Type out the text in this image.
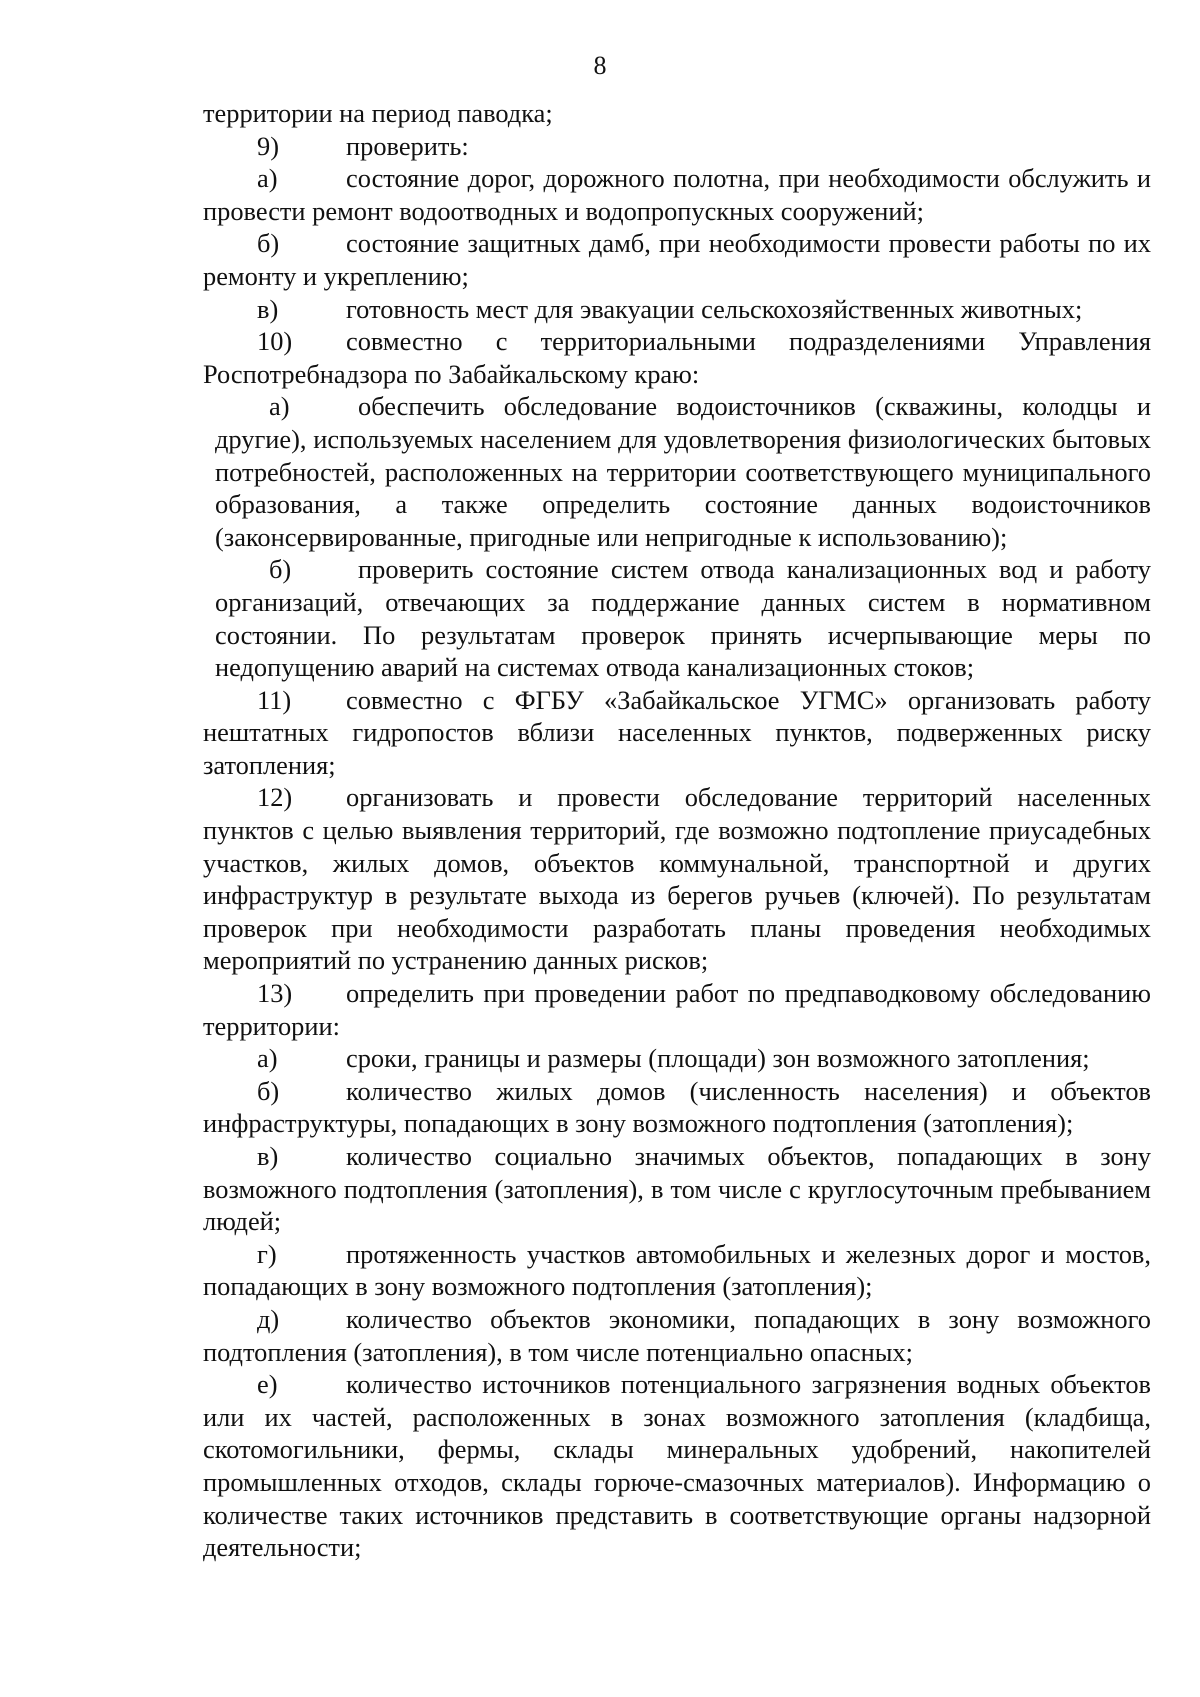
8

территории на период паводка;

9)	проверить:

а)	состояние дорог, дорожного полотна, при необходимости обслужить и провести ремонт водоотводных и водопропускных сооружений;

б)	состояние защитных дамб, при необходимости провести работы по их ремонту и укреплению;

в)	готовность мест для эвакуации сельскохозяйственных животных;

10) совместно с территориальными подразделениями Управления Роспотребнадзора по Забайкальскому краю:

а)	обеспечить обследование водоисточников (скважины, колодцы и другие), используемых населением для удовлетворения физиологических бытовых потребностей, расположенных на территории соответствующего муниципального образования, а также определить состояние данных водоисточников (законсервированные, пригодные или непригодные к использованию);

б)	проверить состояние систем отвода канализационных вод и работу организаций, отвечающих за поддержание данных систем в нормативном состоянии. По результатам проверок принять исчерпывающие меры по недопущению аварий на системах отвода канализационных стоков;

11) совместно с ФГБУ «Забайкальское УГМС» организовать работу нештатных гидропостов вблизи населенных пунктов, подверженных риску затопления;

12) организовать и провести обследование территорий населенных пунктов с целью выявления территорий, где возможно подтопление приусадебных участков, жилых домов, объектов коммунальной, транспортной и других инфраструктур в результате выхода из берегов ручьев (ключей). По результатам проверок при необходимости разработать планы проведения необходимых мероприятий по устранению данных рисков;

13) определить при проведении работ по предпаводковому обследованию территории:

а)	сроки, границы и размеры (площади) зон возможного затопления;

б)	количество жилых домов (численность населения) и объектов инфраструктуры, попадающих в зону возможного подтопления (затопления);

в)	количество социально значимых объектов, попадающих в зону возможного подтопления (затопления), в том числе с круглосуточным пребыванием людей;

г)	протяженность участков автомобильных и железных дорог и мостов, попадающих в зону возможного подтопления (затопления);

д)	количество объектов экономики, попадающих в зону возможного подтопления (затопления), в том числе потенциально опасных;

е)	количество источников потенциального загрязнения водных объектов или их частей, расположенных в зонах возможного затопления (кладбища, скотомогильники, фермы, склады минеральных удобрений, накопителей промышленных отходов, склады горюче-смазочных материалов). Информацию о количестве таких источников представить в соответствующие органы надзорной деятельности;
